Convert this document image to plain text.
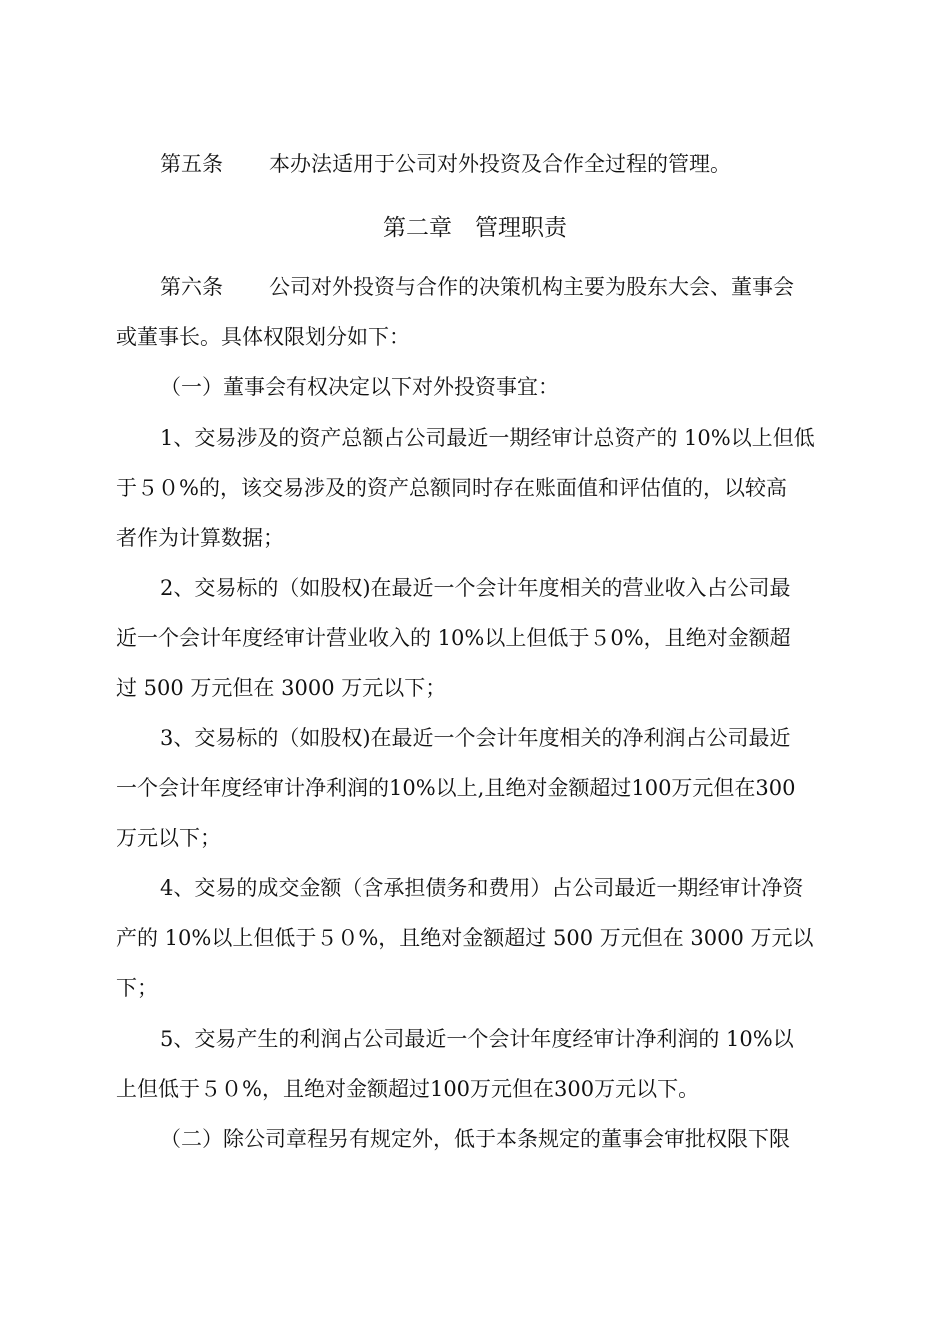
第五条 本办法适用于公司对外投资及合作全过程的管理。
第二章　管理职责
第六条 公司对外投资与合作的决策机构主要为股东大会、董事会
或董事长。具体权限划分如下：
（一）董事会有权决定以下对外投资事宜：
1、交易涉及的资产总额占公司最近一期经审计总资产的 10%以上但低
于５０%的，该交易涉及的资产总额同时存在账面值和评估值的，以较高
者作为计算数据；
2、交易标的（如股权)在最近一个会计年度相关的营业收入占公司最
近一个会计年度经审计营业收入的 10%以上但低于５0%，且绝对金额超
过 500 万元但在 3000 万元以下；
3、交易标的（如股权)在最近一个会计年度相关的净利润占公司最近
一个会计年度经审计净利润的10%以上,且绝对金额超过100万元但在300
万元以下；
4、交易的成交金额（含承担债务和费用）占公司最近一期经审计净资
产的 10%以上但低于５０%，且绝对金额超过 500 万元但在 3000 万元以
下；
5、交易产生的利润占公司最近一个会计年度经审计净利润的 10%以
上但低于５０%，且绝对金额超过100万元但在300万元以下。
（二）除公司章程另有规定外，低于本条规定的董事会审批权限下限
